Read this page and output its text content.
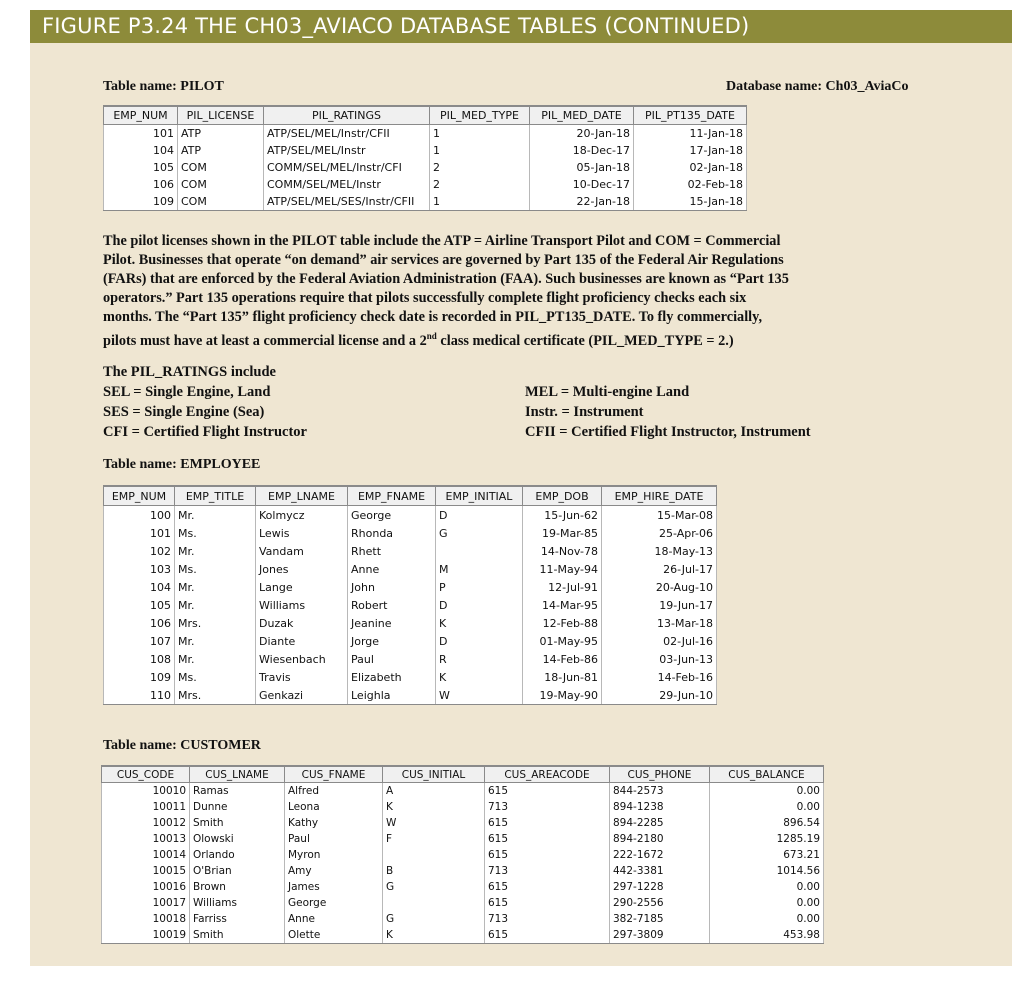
FIGURE P3.24 THE CH03_AVIACO DATABASE TABLES (CONTINUED)
Table name: PILOT	Database name: Ch03_AviaCo
EMP_NUM	PIL_LICENSE	PIL_RATINGS	PIL_MED_TYPE	PIL_MED_DATE	PIL_PT135_DATE
101	ATP	ATP/SEL/MEL/Instr/CFII	1	20-Jan-18	11-Jan-18
104	ATP	ATP/SEL/MEL/Instr	1	18-Dec-17	17-Jan-18
105	COM	COMM/SEL/MEL/Instr/CFI	2	05-Jan-18	02-Jan-18
106	COM	COMM/SEL/MEL/Instr	2	10-Dec-17	02-Feb-18
109	COM	ATP/SEL/MEL/SES/Instr/CFII	1	22-Jan-18	15-Jan-18
The pilot licenses shown in the PILOT table include the ATP = Airline Transport Pilot and COM = Commercial
Pilot. Businesses that operate “on demand” air services are governed by Part 135 of the Federal Air Regulations
(FARs) that are enforced by the Federal Aviation Administration (FAA). Such businesses are known as “Part 135
operators.” Part 135 operations require that pilots successfully complete flight proficiency checks each six
months. The “Part 135” flight proficiency check date is recorded in PIL_PT135_DATE. To fly commercially,
pilots must have at least a commercial license and a 2nd class medical certificate (PIL_MED_TYPE = 2.)
The PIL_RATINGS include
SEL = Single Engine, Land
SES = Single Engine (Sea)
CFI = Certified Flight Instructor
MEL = Multi-engine Land
Instr. = Instrument
CFII = Certified Flight Instructor, Instrument
Table name: EMPLOYEE
EMP_NUM	EMP_TITLE	EMP_LNAME	EMP_FNAME	EMP_INITIAL	EMP_DOB	EMP_HIRE_DATE
100	Mr.	Kolmycz	George	D	15-Jun-62	15-Mar-08
101	Ms.	Lewis	Rhonda	G	19-Mar-85	25-Apr-06
102	Mr.	Vandam	Rhett		14-Nov-78	18-May-13
103	Ms.	Jones	Anne	M	11-May-94	26-Jul-17
104	Mr.	Lange	John	P	12-Jul-91	20-Aug-10
105	Mr.	Williams	Robert	D	14-Mar-95	19-Jun-17
106	Mrs.	Duzak	Jeanine	K	12-Feb-88	13-Mar-18
107	Mr.	Diante	Jorge	D	01-May-95	02-Jul-16
108	Mr.	Wiesenbach	Paul	R	14-Feb-86	03-Jun-13
109	Ms.	Travis	Elizabeth	K	18-Jun-81	14-Feb-16
110	Mrs.	Genkazi	Leighla	W	19-May-90	29-Jun-10
Table name: CUSTOMER
CUS_CODE	CUS_LNAME	CUS_FNAME	CUS_INITIAL	CUS_AREACODE	CUS_PHONE	CUS_BALANCE
10010	Ramas	Alfred	A	615	844-2573	0.00
10011	Dunne	Leona	K	713	894-1238	0.00
10012	Smith	Kathy	W	615	894-2285	896.54
10013	Olowski	Paul	F	615	894-2180	1285.19
10014	Orlando	Myron		615	222-1672	673.21
10015	O'Brian	Amy	B	713	442-3381	1014.56
10016	Brown	James	G	615	297-1228	0.00
10017	Williams	George		615	290-2556	0.00
10018	Farriss	Anne	G	713	382-7185	0.00
10019	Smith	Olette	K	615	297-3809	453.98
